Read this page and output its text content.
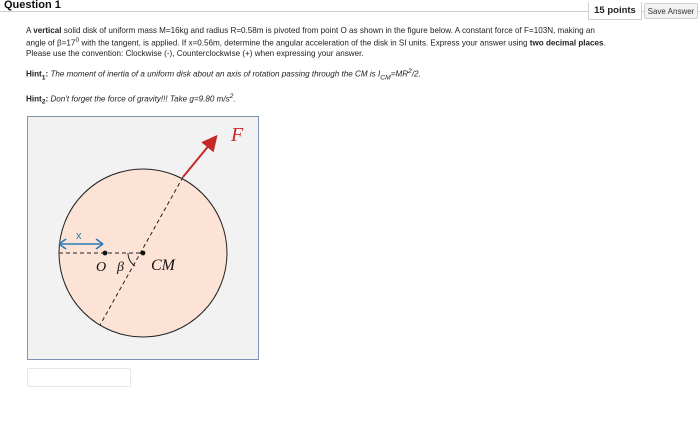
Question 1	15 points	Save Answer

A vertical solid disk of uniform mass M=16kg and radius R=0.58m is pivoted from point O as shown in the figure below. A constant force of F=103N, making an
angle of $\beta=17^0$ with the tangent, is applied. If x=0.56m, determine the angular acceleration of the disk in SI units. Express your answer using two decimal places.
Please use the convention: Clockwise (-), Counterclockwise (+) when expressing your answer.

Hint$_1$: The moment of inertia of a uniform disk about an axis of rotation passing through the CM is $I_{CM}=MR^2/2$.

Hint$_2$: Don't forget the force of gravity!!! Take g=9.80 $m/s^2$.

F
x
O β CM
